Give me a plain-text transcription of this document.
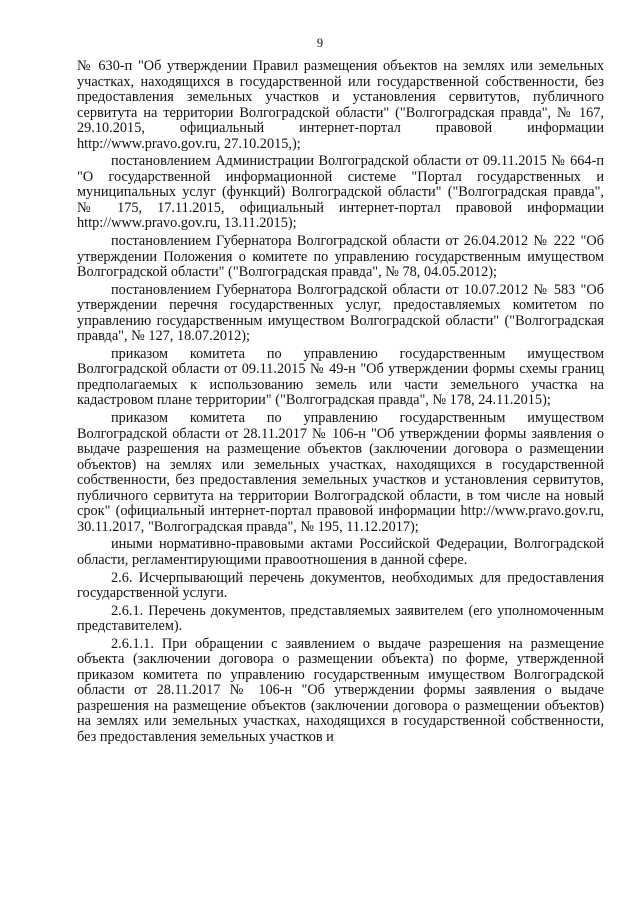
9

№ 630-п "Об утверждении Правил размещения объектов на землях или земельных участках, находящихся в государственной или государственной собственности, без предоставления земельных участков и установления сервитутов, публичного сервитута на территории Волгоградской области" ("Волгоградская правда", № 167, 29.10.2015, официальный интернет-портал правовой информации http://www.pravo.gov.ru, 27.10.2015,);

постановлением Администрации Волгоградской области от 09.11.2015 № 664-п "О государственной информационной системе "Портал государственных и муниципальных услуг (функций) Волгоградской области" ("Волгоградская правда", № 175, 17.11.2015, официальный интернет-портал правовой информации http://www.pravo.gov.ru, 13.11.2015);

постановлением Губернатора Волгоградской области от 26.04.2012 № 222 "Об утверждении Положения о комитете по управлению государственным имуществом Волгоградской области" ("Волгоградская правда", № 78, 04.05.2012);

постановлением Губернатора Волгоградской области от 10.07.2012 № 583 "Об утверждении перечня государственных услуг, предоставляемых комитетом по управлению государственным имуществом Волгоградской области" ("Волгоградская правда", № 127, 18.07.2012);

приказом комитета по управлению государственным имуществом Волгоградской области от 09.11.2015 № 49-н "Об утверждении формы схемы границ предполагаемых к использованию земель или части земельного участка на кадастровом плане территории" ("Волгоградская правда", № 178, 24.11.2015);

приказом комитета по управлению государственным имуществом Волгоградской области от 28.11.2017 № 106-н "Об утверждении формы заявления о выдаче разрешения на размещение объектов (заключении договора о размещении объектов) на землях или земельных участках, находящихся в государственной собственности, без предоставления земельных участков и установления сервитутов, публичного сервитута на территории Волгоградской области, в том числе на новый срок" (официальный интернет-портал правовой информации http://www.pravo.gov.ru, 30.11.2017, "Волгоградская правда", № 195, 11.12.2017);

иными нормативно-правовыми актами Российской Федерации, Волгоградской области, регламентирующими правоотношения в данной сфере.

2.6. Исчерпывающий перечень документов, необходимых для предоставления государственной услуги.

2.6.1. Перечень документов, представляемых заявителем (его уполномоченным представителем).

2.6.1.1. При обращении с заявлением о выдаче разрешения на размещение объекта (заключении договора о размещении объекта) по форме, утвержденной приказом комитета по управлению государственным имуществом Волгоградской области от 28.11.2017 № 106-н "Об утверждении формы заявления о выдаче разрешения на размещение объектов (заключении договора о размещении объектов) на землях или земельных участках, находящихся в государственной собственности, без предоставления земельных участков и
